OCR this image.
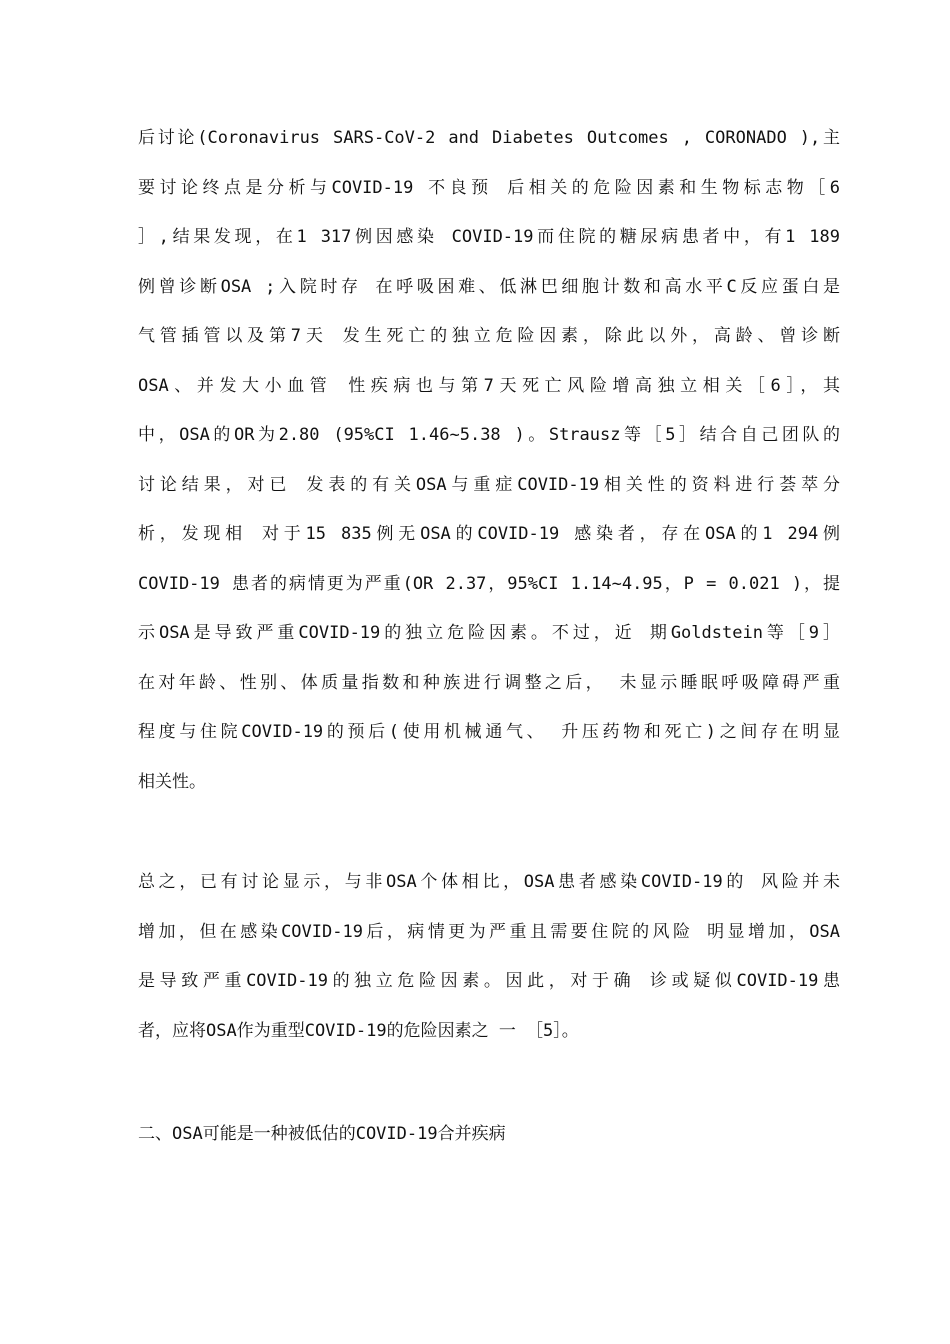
后讨论(Coronavirus SARS-CoV-2 and Diabetes Outcomes , CORONADO ),主
要讨论终点是分析与COVID-19 不良预 后相关的危险因素和生物标志物［6
］,结果发现，在1 317例因感染 COVID-19而住院的糖尿病患者中，有1 189
例曾诊断OSA ;入院时存 在呼吸困难、低淋巴细胞计数和高水平C反应蛋白是
气管插管以及第7天 发生死亡的独立危险因素，除此以外，高龄、曾诊断
OSA、并发大小血管 性疾病也与第7天死亡风险增高独立相关［6］，其
中，OSA的OR为2.80 (95%CI 1.46~5.38 )。Strausz等［5］结合自己团队的
讨论结果，对已 发表的有关OSA与重症COVID-19相关性的资料进行荟萃分
析，发现相 对于15 835例无OSA的COVID-19 感染者，存在OSA的1 294例
COVID-19 患者的病情更为严重(OR 2.37，95%CI 1.14~4.95，P = 0.021 )，提
示OSA是导致严重COVID-19的独立危险因素。不过，近 期Goldstein等［9］
在对年龄、性别、体质量指数和种族进行调整之后， 未显示睡眠呼吸障碍严重
程度与住院COVID-19的预后(使用机械通气、 升压药物和死亡)之间存在明显
相关性。
总之，已有讨论显示，与非OSA个体相比，OSA患者感染COVID-19的 风险并未
增加，但在感染COVID-19后，病情更为严重且需要住院的风险 明显增加，OSA
是导致严重COVID-19的独立危险因素。因此，对于确 诊或疑似COVID-19患
者，应将OSA作为重型COVID-19的危险因素之 一 ［5］。
二、OSA可能是一种被低估的COVID-19合并疾病
